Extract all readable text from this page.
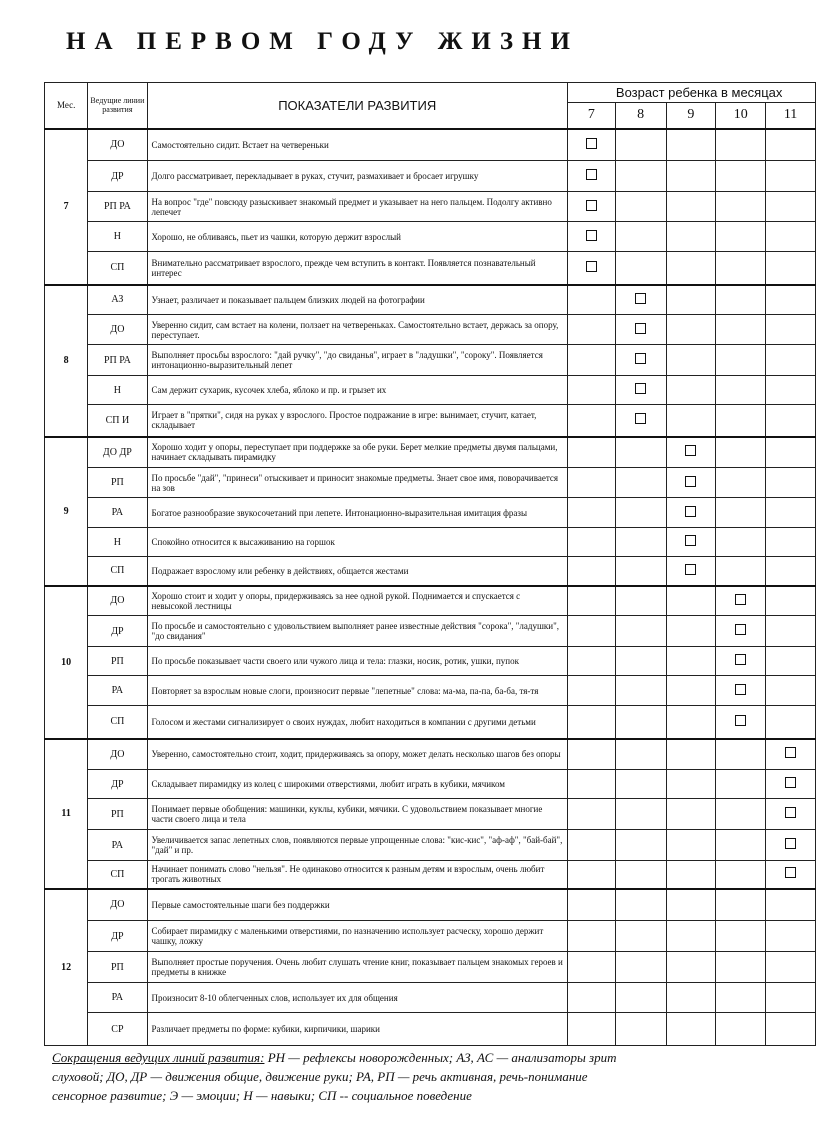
НА ПЕРВОМ ГОДУ ЖИЗНИ
Мес.	Ведущие линии развития	ПОКАЗАТЕЛИ РАЗВИТИЯ	Возраст ребенка в месяцах				
			7	8	9	10	11
7	ДО	Самостоятельно сидит. Встает на четвереньки					
	ДР	Долго рассматривает, перекладывает в руках, стучит, размахивает и бросает игрушку					
	РП РА	На вопрос "где" повсюду разыскивает знакомый предмет и указывает на него пальцем. Подолгу активно лепечет					
	Н	Хорошо, не обливаясь, пьет из чашки, которую держит взрослый					
	СП	Внимательно рассматривает взрослого, прежде чем вступить в контакт. Появляется познавательный интерес					
8	АЗ	Узнает, различает и показывает пальцем близких людей на фотографии					
	ДО	Уверенно сидит, сам встает на колени, ползает на четвереньках. Самостоятельно встает, держась за опору, переступает.					
	РП РА	Выполняет просьбы взрослого: "дай ручку", "до свиданья", играет в "ладушки", "сороку". Появляется интонационно-выразительный лепет					
	Н	Сам держит сухарик, кусочек хлеба, яблоко и пр. и грызет их					
	СП И	Играет в "прятки", сидя на руках у взрослого. Простое подражание в игре: вынимает, стучит, катает, складывает					
9	ДО ДР	Хорошо ходит у опоры, переступает при поддержке за обе руки. Берет мелкие предметы двумя пальцами, начинает складывать пирамидку					
	РП	По просьбе "дай", "принеси" отыскивает и приносит знакомые предметы. Знает свое имя, поворачивается на зов					
	РА	Богатое разнообразие звукосочетаний при лепете. Интонационно-выразительная имитация фразы					
	Н	Спокойно относится к высаживанию на горшок					
	СП	Подражает взрослому или ребенку в действиях, общается жестами					
10	ДО	Хорошо стоит и ходит у опоры, придерживаясь за нее одной рукой. Поднимается и спускается с невысокой лестницы					
	ДР	По просьбе и самостоятельно с удовольствием выполняет ранее известные действия "сорока", "ладушки", "до свидания"					
	РП	По просьбе показывает части своего или чужого лица и тела: глазки, носик, ротик, ушки, пупок					
	РА	Повторяет за взрослым новые слоги, произносит первые "лепетные" слова: ма-ма, па-па, ба-ба, тя-тя					
	СП	Голосом и жестами сигнализирует о своих нуждах, любит находиться в компании с другими детьми					
11	ДО	Уверенно, самостоятельно стоит, ходит, придерживаясь за опору, может делать несколько шагов без опоры					
	ДР	Складывает пирамидку из колец с широкими отверстиями, любит играть в кубики, мячиком					
	РП	Понимает первые обобщения: машинки, куклы, кубики, мячики. С удовольствием показывает многие части своего лица и тела					
	РА	Увеличивается запас лепетных слов, появляются первые упрощенные слова: "кис-кис", "аф-аф", "бай-бай", "дай" и пр.					
	СП	Начинает понимать слово "нельзя". Не одинаково относится к разным детям и взрослым, очень любит трогать животных					
12	ДО	Первые самостоятельные шаги без поддержки					
	ДР	Собирает пирамидку с маленькими отверстиями, по назначению использует расческу, хорошо держит чашку, ложку					
	РП	Выполняет простые поручения. Очень любит слушать чтение книг, показывает пальцем знакомых героев и предметы в книжке					
	РА	Произносит 8-10 облегченных слов, использует их для общения					
	СР	Различает предметы по форме: кубики, кирпичики, шарики					
Сокращения ведущих линий развития: РН — рефлексы новорожденных; АЗ, АС — анализаторы зрит
слуховой; ДО, ДР — движения общие, движение руки; РА, РП — речь активная, речь-понимание
сенсорное развитие; Э — эмоции; Н — навыки; СП -- социальное поведение
